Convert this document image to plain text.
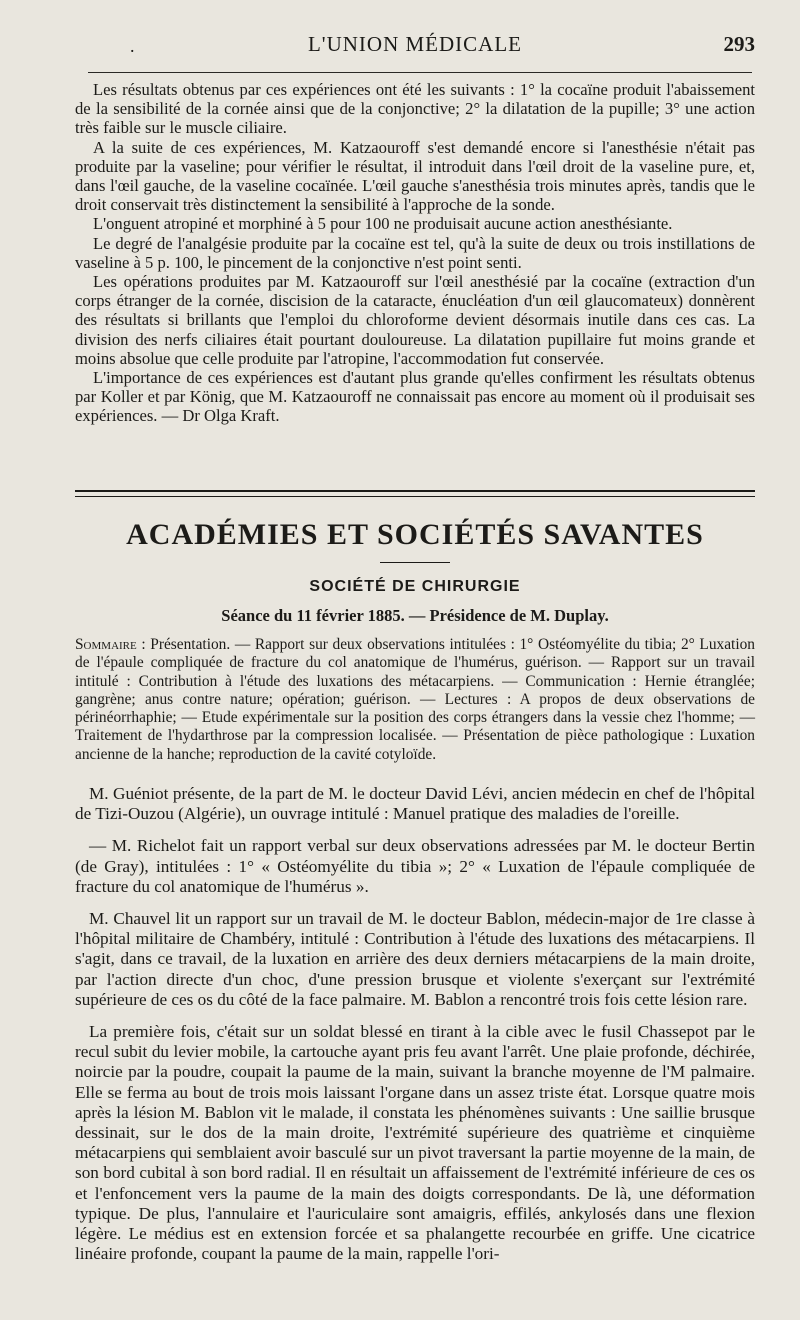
.	L'UNION MÉDICALE	293

Les résultats obtenus par ces expériences ont été les suivants : 1° la cocaïne produit l'abaissement de la sensibilité de la cornée ainsi que de la conjonctive; 2° la dilatation de la pupille; 3° une action très faible sur le muscle ciliaire.

A la suite de ces expériences, M. Katzaouroff s'est demandé encore si l'anesthésie n'était pas produite par la vaseline; pour vérifier le résultat, il introduit dans l'œil droit de la vaseline pure, et, dans l'œil gauche, de la vaseline cocaïnée. L'œil gauche s'anesthésia trois minutes après, tandis que le droit conservait très distinctement la sensibilité à l'approche de la sonde.

L'onguent atropiné et morphiné à 5 pour 100 ne produisait aucune action anesthésiante.

Le degré de l'analgésie produite par la cocaïne est tel, qu'à la suite de deux ou trois instillations de vaseline à 5 p. 100, le pincement de la conjonctive n'est point senti.

Les opérations produites par M. Katzaouroff sur l'œil anesthésié par la cocaïne (extraction d'un corps étranger de la cornée, discision de la cataracte, énucléation d'un œil glaucomateux) donnèrent des résultats si brillants que l'emploi du chloroforme devient désormais inutile dans ces cas. La division des nerfs ciliaires était pourtant douloureuse. La dilatation pupillaire fut moins grande et moins absolue que celle produite par l'atropine, l'accommodation fut conservée.

L'importance de ces expériences est d'autant plus grande qu'elles confirment les résultats obtenus par Koller et par König, que M. Katzaouroff ne connaissait pas encore au moment où il produisait ses expériences. — Dr Olga Kraft.

ACADÉMIES ET SOCIÉTÉS SAVANTES
SOCIÉTÉ DE CHIRURGIE
Séance du 11 février 1885. — Présidence de M. Duplay.
Sommaire : Présentation. — Rapport sur deux observations intitulées : 1° Ostéomyélite du tibia; 2° Luxation de l'épaule compliquée de fracture du col anatomique de l'humérus, guérison. — Rapport sur un travail intitulé : Contribution à l'étude des luxations des métacarpiens. — Communication : Hernie étranglée; gangrène; anus contre nature; opération; guérison. — Lectures : A propos de deux observations de périnéorrhaphie; — Etude expérimentale sur la position des corps étrangers dans la vessie chez l'homme; — Traitement de l'hydarthrose par la compression localisée. — Présentation de pièce pathologique : Luxation ancienne de la hanche; reproduction de la cavité cotyloïde.

M. Guéniot présente, de la part de M. le docteur David Lévi, ancien médecin en chef de l'hôpital de Tizi-Ouzou (Algérie), un ouvrage intitulé : Manuel pratique des maladies de l'oreille.

— M. Richelot fait un rapport verbal sur deux observations adressées par M. le docteur Bertin (de Gray), intitulées : 1° « Ostéomyélite du tibia »; 2° « Luxation de l'épaule compliquée de fracture du col anatomique de l'humérus ».

M. Chauvel lit un rapport sur un travail de M. le docteur Bablon, médecin-major de 1re classe à l'hôpital militaire de Chambéry, intitulé : Contribution à l'étude des luxations des métacarpiens. Il s'agit, dans ce travail, de la luxation en arrière des deux derniers métacarpiens de la main droite, par l'action directe d'un choc, d'une pression brusque et violente s'exerçant sur l'extrémité supérieure de ces os du côté de la face palmaire. M. Bablon a rencontré trois fois cette lésion rare.

La première fois, c'était sur un soldat blessé en tirant à la cible avec le fusil Chassepot par le recul subit du levier mobile, la cartouche ayant pris feu avant l'arrêt. Une plaie profonde, déchirée, noircie par la poudre, coupait la paume de la main, suivant la branche moyenne de l'M palmaire. Elle se ferma au bout de trois mois laissant l'organe dans un assez triste état. Lorsque quatre mois après la lésion M. Bablon vit le malade, il constata les phénomènes suivants : Une saillie brusque dessinait, sur le dos de la main droite, l'extrémité supérieure des quatrième et cinquième métacarpiens qui semblaient avoir basculé sur un pivot traversant la partie moyenne de la main, de son bord cubital à son bord radial. Il en résultait un affaissement de l'extrémité inférieure de ces os et l'enfoncement vers la paume de la main des doigts correspondants. De là, une déformation typique. De plus, l'annulaire et l'auriculaire sont amaigris, effilés, ankylosés dans une flexion légère. Le médius est en extension forcée et sa phalangette recourbée en griffe. Une cicatrice linéaire profonde, coupant la paume de la main, rappelle l'ori-
